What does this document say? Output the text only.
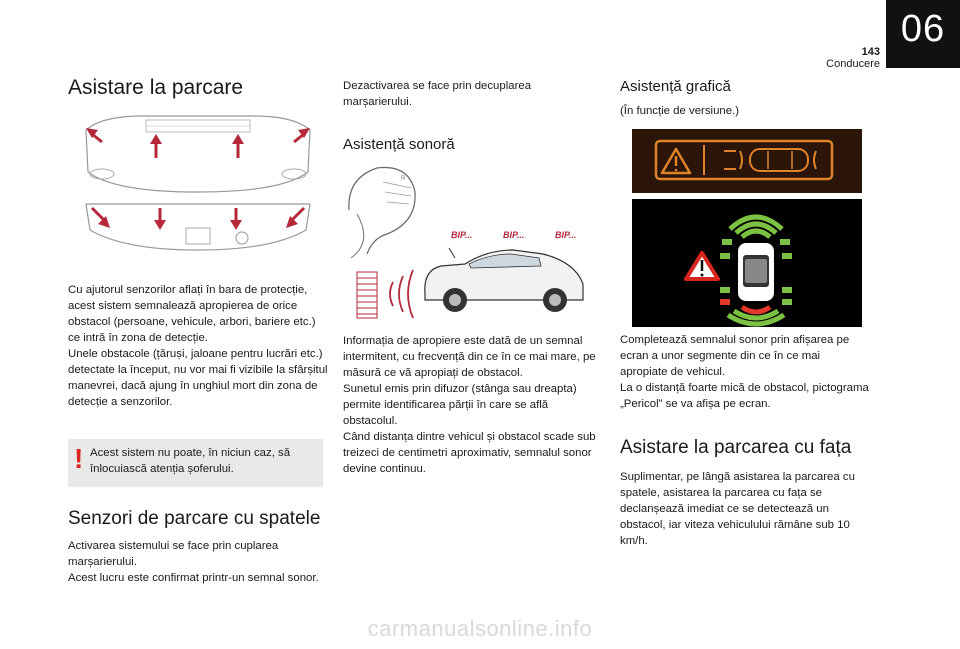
143
Conducere
06
Asistare la parcare

Cu ajutorul senzorilor aflați în bara de protecție, acest sistem semnalează apropierea de orice obstacol (persoane, vehicule, arbori, bariere etc.) ce intră în zona de detecție.

Unele obstacole (țăruși, jaloane pentru lucrări etc.) detectate la început, nu vor mai fi vizibile la sfârșitul manevrei, dacă ajung în unghiul mort din zona de detecție a senzorilor.

! Acest sistem nu poate, în niciun caz, să înlocuiască atenția șoferului.
Senzori de parcare cu spatele

Activarea sistemului se face prin cuplarea marșarierului.

Acest lucru este confirmat printr-un semnal sonor.

Dezactivarea se face prin decuplarea marșarierului.
Asistență sonoră
R
BIP...	BIP...	BIP...

Informația de apropiere este dată de un semnal intermitent, cu frecvență din ce în ce mai mare, pe măsură ce vă apropiați de obstacol.

Sunetul emis prin difuzor (stânga sau dreapta) permite identificarea părții în care se află obstacolul.

Când distanța dintre vehicul și obstacol scade sub treizeci de centimetri aproximativ, semnalul sonor devine continuu.

Asistență grafică
(În funcție de versiune.)

Completează semnalul sonor prin afișarea pe ecran a unor segmente din ce în ce mai apropiate de vehicul.

La o distanță foarte mică de obstacol, pictograma „Pericol” se va afișa pe ecran.

Asistare la parcarea cu fața

Suplimentar, pe lângă asistarea la parcarea cu spatele, asistarea la parcarea cu fața se declanșează imediat ce se detectează un obstacol, iar viteza vehiculului rămâne sub 10 km/h.

carmanualsonline.info
